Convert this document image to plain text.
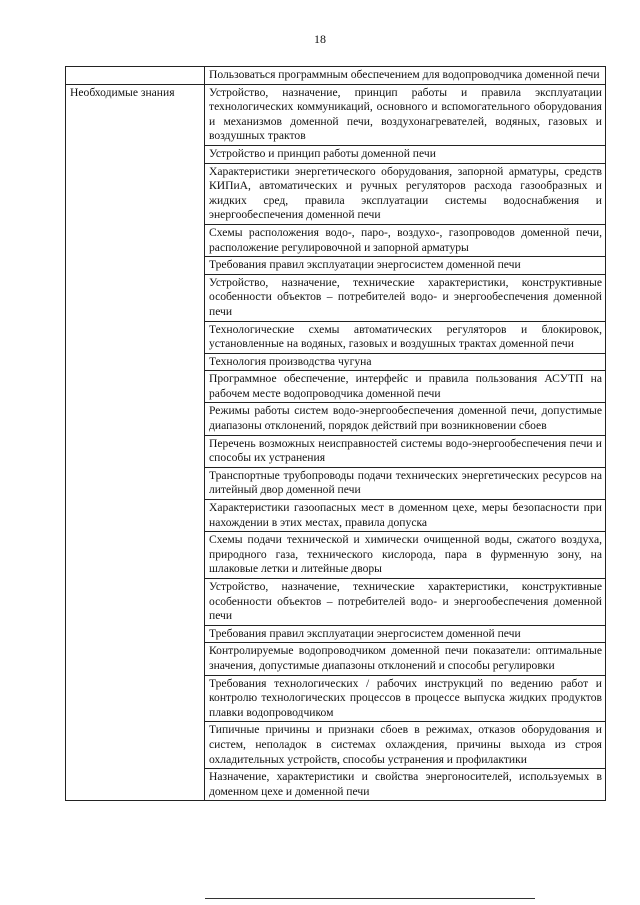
18

	Пользоваться программным обеспечением для водопроводчика доменной печи

Необходимые знания	Устройство, назначение, принцип работы и правила эксплуатации технологических коммуникаций, основного и вспомогательного оборудования и механизмов доменной печи, воздухонагревателей, водяных, газовых и воздушных трактов

	Устройство и принцип работы доменной печи

	Характеристики энергетического оборудования, запорной арматуры, средств КИПиА, автоматических и ручных регуляторов расхода газообразных и жидких сред, правила эксплуатации системы водоснабжения и энергообеспечения доменной печи

	Схемы расположения водо-, паро-, воздухо-, газопроводов доменной печи, расположение регулировочной и запорной арматуры

	Требования правил эксплуатации энергосистем доменной печи

	Устройство, назначение, технические характеристики, конструктивные особенности объектов – потребителей водо- и энергообеспечения доменной печи

	Технологические схемы автоматических регуляторов и блокировок, установленные на водяных, газовых и воздушных трактах доменной печи

	Технология производства чугуна

	Программное обеспечение, интерфейс и правила пользования АСУТП на рабочем месте водопроводчика доменной печи

	Режимы работы систем водо-энергообеспечения доменной печи, допустимые диапазоны отклонений, порядок действий при возникновении сбоев

	Перечень возможных неисправностей системы водо-энергообеспечения печи и способы их устранения

	Транспортные трубопроводы подачи технических энергетических ресурсов на литейный двор доменной печи

	Характеристики газоопасных мест в доменном цехе, меры безопасности при нахождении в этих местах, правила допуска

	Схемы подачи технической и химически очищенной воды, сжатого воздуха, природного газа, технического кислорода, пара в фурменную зону, на шлаковые летки и литейные дворы

	Устройство, назначение, технические характеристики, конструктивные особенности объектов – потребителей водо- и энергообеспечения доменной печи

	Требования правил эксплуатации энергосистем доменной печи

	Контролируемые водопроводчиком доменной печи показатели: оптимальные значения, допустимые диапазоны отклонений и способы регулировки

	Требования технологических / рабочих инструкций по ведению работ и контролю технологических процессов в процессе выпуска жидких продуктов плавки водопроводчиком

	Типичные причины и признаки сбоев в режимах, отказов оборудования и систем, неполадок в системах охлаждения, причины выхода из строя охладительных устройств, способы устранения и профилактики

	Назначение, характеристики и свойства энергоносителей, используемых в доменном цехе и доменной печи
